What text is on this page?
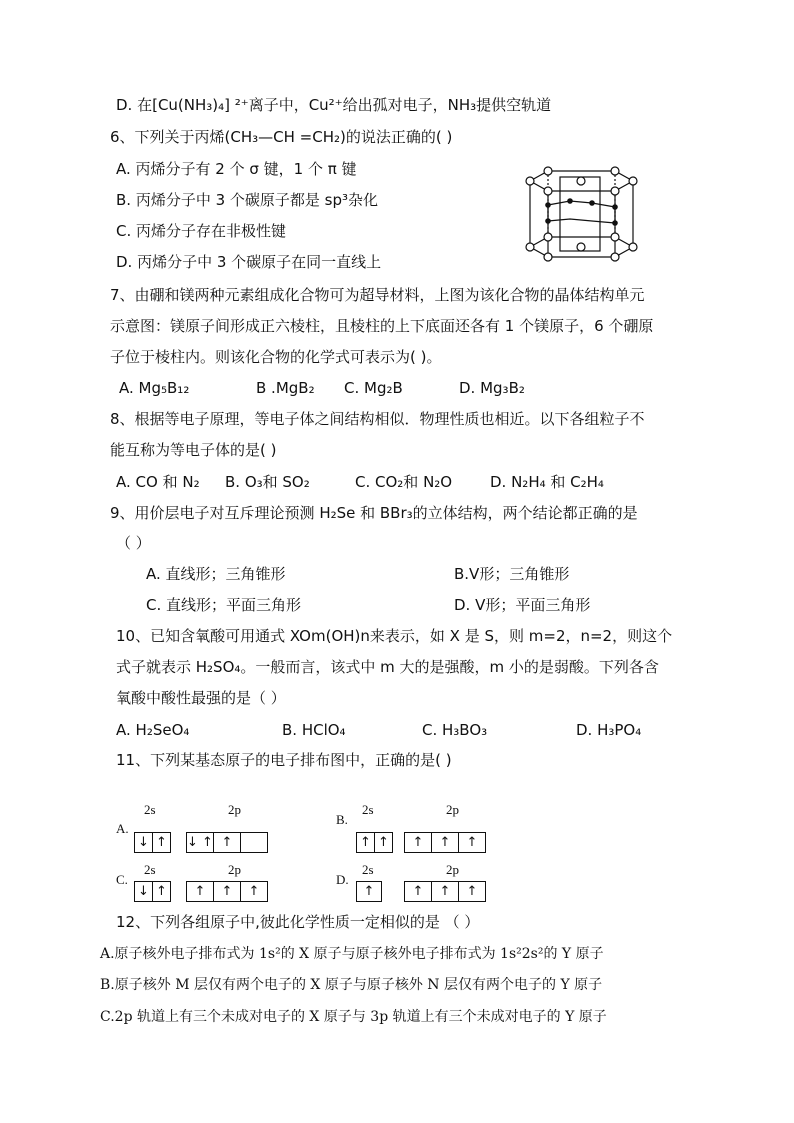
D. 在[Cu(NH₃)₄] ²⁺离子中，Cu²⁺给出孤对电子，NH₃提供空轨道
6、下列关于丙烯(CH₃—CH =CH₂)的说法正确的( )
A. 丙烯分子有 2 个 σ 键，1 个 π 键
B. 丙烯分子中 3 个碳原子都是 sp³杂化
C. 丙烯分子存在非极性键
D. 丙烯分子中 3 个碳原子在同一直线上
7、由硼和镁两种元素组成化合物可为超导材料，上图为该化合物的晶体结构单元
示意图：镁原子间形成正六棱柱，且棱柱的上下底面还各有 1 个镁原子，6 个硼原
子位于棱柱内。则该化合物的化学式可表示为( )。
A. Mg₅B₁₂	B .MgB₂ C. Mg₂B	D. Mg₃B₂
8、根据等电子原理，等电子体之间结构相似．物理性质也相近。以下各组粒子不
能互称为等电子体的是( )
A. CO 和 N₂ B. O₃和 SO₂	C. CO₂和 N₂O	D. N₂H₄ 和 C₂H₄
9、用价层电子对互斥理论预测 H₂Se 和 BBr₃的立体结构，两个结论都正确的是
（ ）
A. 直线形；三角锥形	B.V形；三角锥形
C. 直线形；平面三角形	D. V形；平面三角形
10、已知含氧酸可用通式 XOm(OH)n来表示，如 X 是 S，则 m=2，n=2，则这个
式子就表示 H₂SO₄。一般而言，该式中 m 大的是强酸，m 小的是弱酸。下列各含
氧酸中酸性最强的是（ ）
A. H₂SeO₄	B. HClO₄	C. H₃BO₃	D. H₃PO₄
11、下列某基态原子的电子排布图中，正确的是( )
A.
2s
↓ ↑
2p
↓ ↑ ↑
B.
2s
↑ ↑
2p
↑	↑	↑
C.
2s
↓ ↑
2p
↑	↑	↑
D.
2s
↑
2p
↑	↑	↑
12、下列各组原子中,彼此化学性质一定相似的是 （ ）
A.原子核外电子排布式为 1s²的 X 原子与原子核外电子排布式为 1s²2s²的 Y 原子
B.原子核外 M 层仅有两个电子的 X 原子与原子核外 N 层仅有两个电子的 Y 原子
C.2p 轨道上有三个未成对电子的 X 原子与 3p 轨道上有三个未成对电子的 Y 原子
